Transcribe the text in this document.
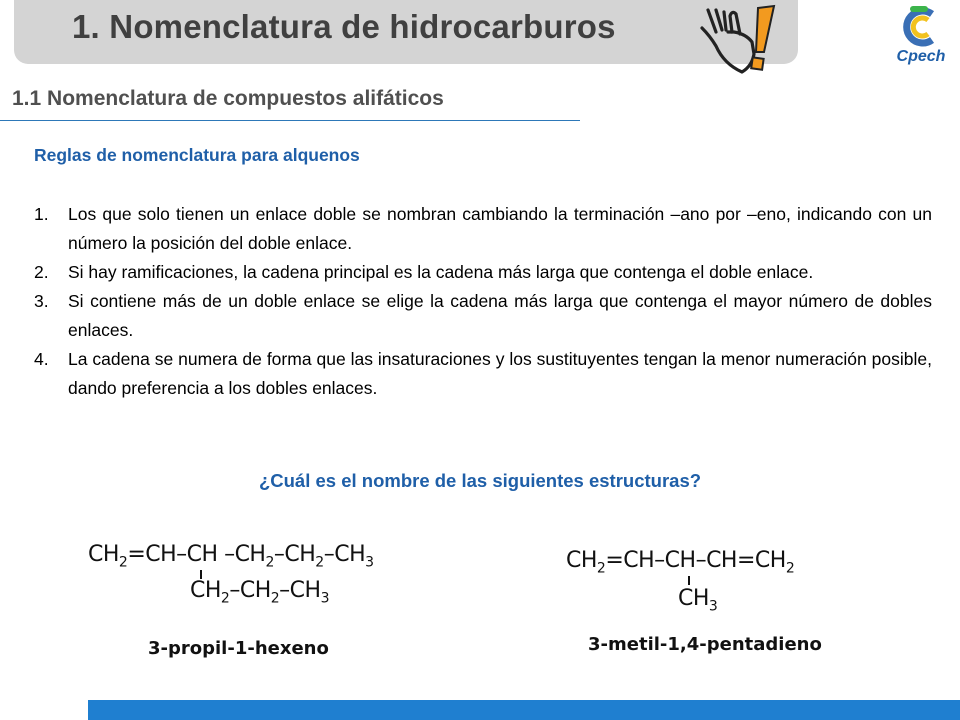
1. Nomenclatura de hidrocarburos
Cpech
1.1 Nomenclatura de compuestos alifáticos
Reglas de nomenclatura para alquenos
1. Los que solo tienen un enlace doble se nombran cambiando la terminación –ano por –eno, indicando con un número la posición del doble enlace.
2. Si hay ramificaciones, la cadena principal es la cadena más larga que contenga el doble enlace.
3. Si contiene más de un doble enlace se elige la cadena más larga que contenga el mayor número de dobles enlaces.
4. La cadena se numera de forma que las insaturaciones y los sustituyentes tengan la menor numeración posible, dando preferencia a los dobles enlaces.
¿Cuál es el nombre de las siguientes estructuras?
$CH_2=CH-CH$ $-CH_2-CH_2-CH_3$
$CH_2-CH_2-CH_3$
3-propil-1-hexeno
$CH_2=CH-CH-CH=CH_2$
$CH_3$
3-metil-1,4-pentadieno
